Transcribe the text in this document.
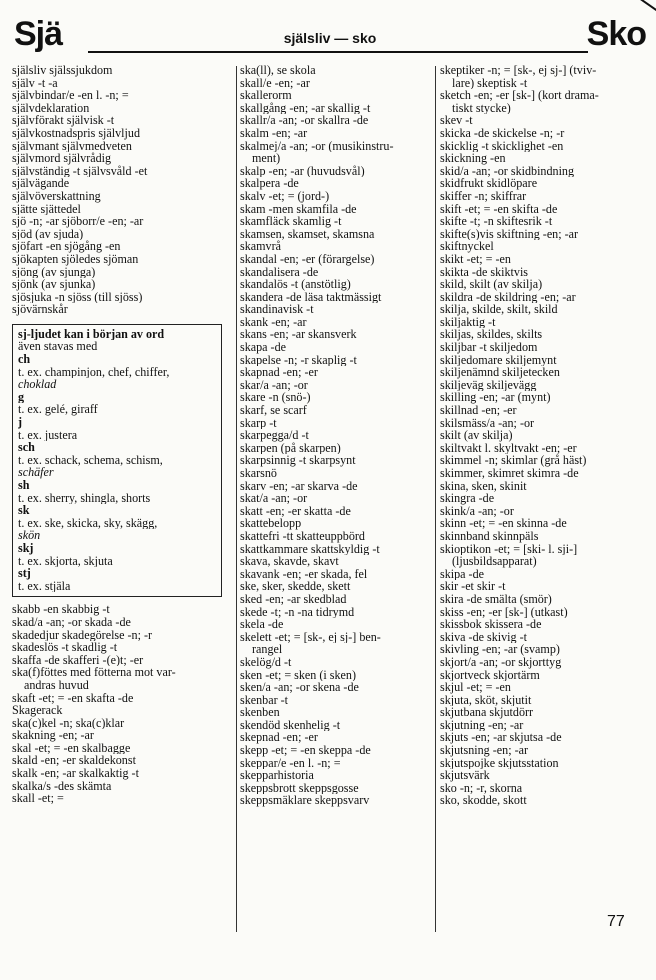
Sjä	själsliv — sko	Sko
själsliv själssjukdom
själv -t -a
självbindar/e -en l. -n; =
självdeklaration
självförakt självisk -t
självkostnadspris självljud
självmant självmedveten
självmord självrådig
självständig -t självsvåld -et
självägande
självöverskattning
sjätte sjättedel
sjö -n; -ar sjöborr/e -en; -ar
sjöd (av sjuda)
sjöfart -en sjögång -en
sjökapten sjöledes sjöman
sjöng (av sjunga)
sjönk (av sjunka)
sjösjuka -n sjöss (till sjöss)
sjövärnskår
sj-ljudet kan i början av ord
även stavas med
ch
t. ex. champinjon, chef, chiffer,
choklad
g
t. ex. gelé, giraff
j
t. ex. justera
sch
t. ex. schack, schema, schism,
schäfer
sh
t. ex. sherry, shingla, shorts
sk
t. ex. ske, skicka, sky, skägg,
skön
skj
t. ex. skjorta, skjuta
stj
t. ex. stjäla
skabb -en skabbig -t
skad/a -an; -or skada -de
skadedjur skadegörelse -n; -r
skadeslös -t skadlig -t
skaffa -de skafferi -(e)t; -er
ska(f)föttes med fötterna mot var-
andras huvud
skaft -et; = -en skafta -de
Skagerack
ska(c)kel -n; ska(c)klar
skakning -en; -ar
skal -et; = -en skalbagge
skald -en; -er skaldekonst
skalk -en; -ar skalkaktig -t
skalka/s -des skämta
skall -et; =
ska(ll), se skola
skall/e -en; -ar
skallerorm
skallgång -en; -ar skallig -t
skallr/a -an; -or skallra -de
skalm -en; -ar
skalmej/a -an; -or (musikinstru-
ment)
skalp -en; -ar (huvudsvål)
skalpera -de
skalv -et; = (jord-)
skam -men skamfila -de
skamfläck skamlig -t
skamsen, skamset, skamsna
skamvrå
skandal -en; -er (förargelse)
skandalisera -de
skandalös -t (anstötlig)
skandera -de läsa taktmässigt
skandinavisk -t
skank -en; -ar
skans -en; -ar skansverk
skapa -de
skapelse -n; -r skaplig -t
skapnad -en; -er
skar/a -an; -or
skare -n (snö-)
skarf, se scarf
skarp -t
skarpegga/d -t
skarpen (på skarpen)
skarpsinnig -t skarpsynt
skarsnö
skarv -en; -ar skarva -de
skat/a -an; -or
skatt -en; -er skatta -de
skattebelopp
skattefri -tt skatteuppbörd
skattkammare skattskyldig -t
skava, skavde, skavt
skavank -en; -er skada, fel
ske, sker, skedde, skett
sked -en; -ar skedblad
skede -t; -n -na tidrymd
skela -de
skelett -et; = [sk-, ej sj-] ben-
rangel
skelög/d -t
sken -et; = sken (i sken)
sken/a -an; -or skena -de
skenbar -t
skenben
skendöd skenhelig -t
skepnad -en; -er
skepp -et; = -en skeppa -de
skeppar/e -en l. -n; =
skepparhistoria
skeppsbrott skeppsgosse
skeppsmäklare skeppsvarv
skeptiker -n; = [sk-, ej sj-] (tviv-
lare) skeptisk -t
sketch -en; -er [sk-] (kort drama-
tiskt stycke)
skev -t
skicka -de skickelse -n; -r
skicklig -t skicklighet -en
skickning -en
skid/a -an; -or skidbindning
skidfrukt skidlöpare
skiffer -n; skiffrar
skift -et; = -en skifta -de
skifte -t; -n skiftesrik -t
skifte(s)vis skiftning -en; -ar
skiftnyckel
skikt -et; = -en
skikta -de skiktvis
skild, skilt (av skilja)
skildra -de skildring -en; -ar
skilja, skilde, skilt, skild
skiljaktig -t
skiljas, skildes, skilts
skiljbar -t skiljedom
skiljedomare skiljemynt
skiljenämnd skiljetecken
skiljeväg skiljevägg
skilling -en; -ar (mynt)
skillnad -en; -er
skilsmäss/a -an; -or
skilt (av skilja)
skiltvakt l. skyltvakt -en; -er
skimmel -n; skimlar (grå häst)
skimmer, skimret skimra -de
skina, sken, skinit
skingra -de
skink/a -an; -or
skinn -et; = -en skinna -de
skinnband skinnpäls
skioptikon -et; = [ski- l. sji-]
(ljusbildsapparat)
skipa -de
skir -et skir -t
skira -de smälta (smör)
skiss -en; -er [sk-] (utkast)
skissbok skissera -de
skiva -de skivig -t
skivling -en; -ar (svamp)
skjort/a -an; -or skjorttyg
skjortveck skjortärm
skjul -et; = -en
skjuta, sköt, skjutit
skjutbana skjutdörr
skjutning -en; -ar
skjuts -en; -ar skjutsa -de
skjutsning -en; -ar
skjutspojke skjutsstation
skjutsvärk
sko -n; -r, skorna
sko, skodde, skott
77
